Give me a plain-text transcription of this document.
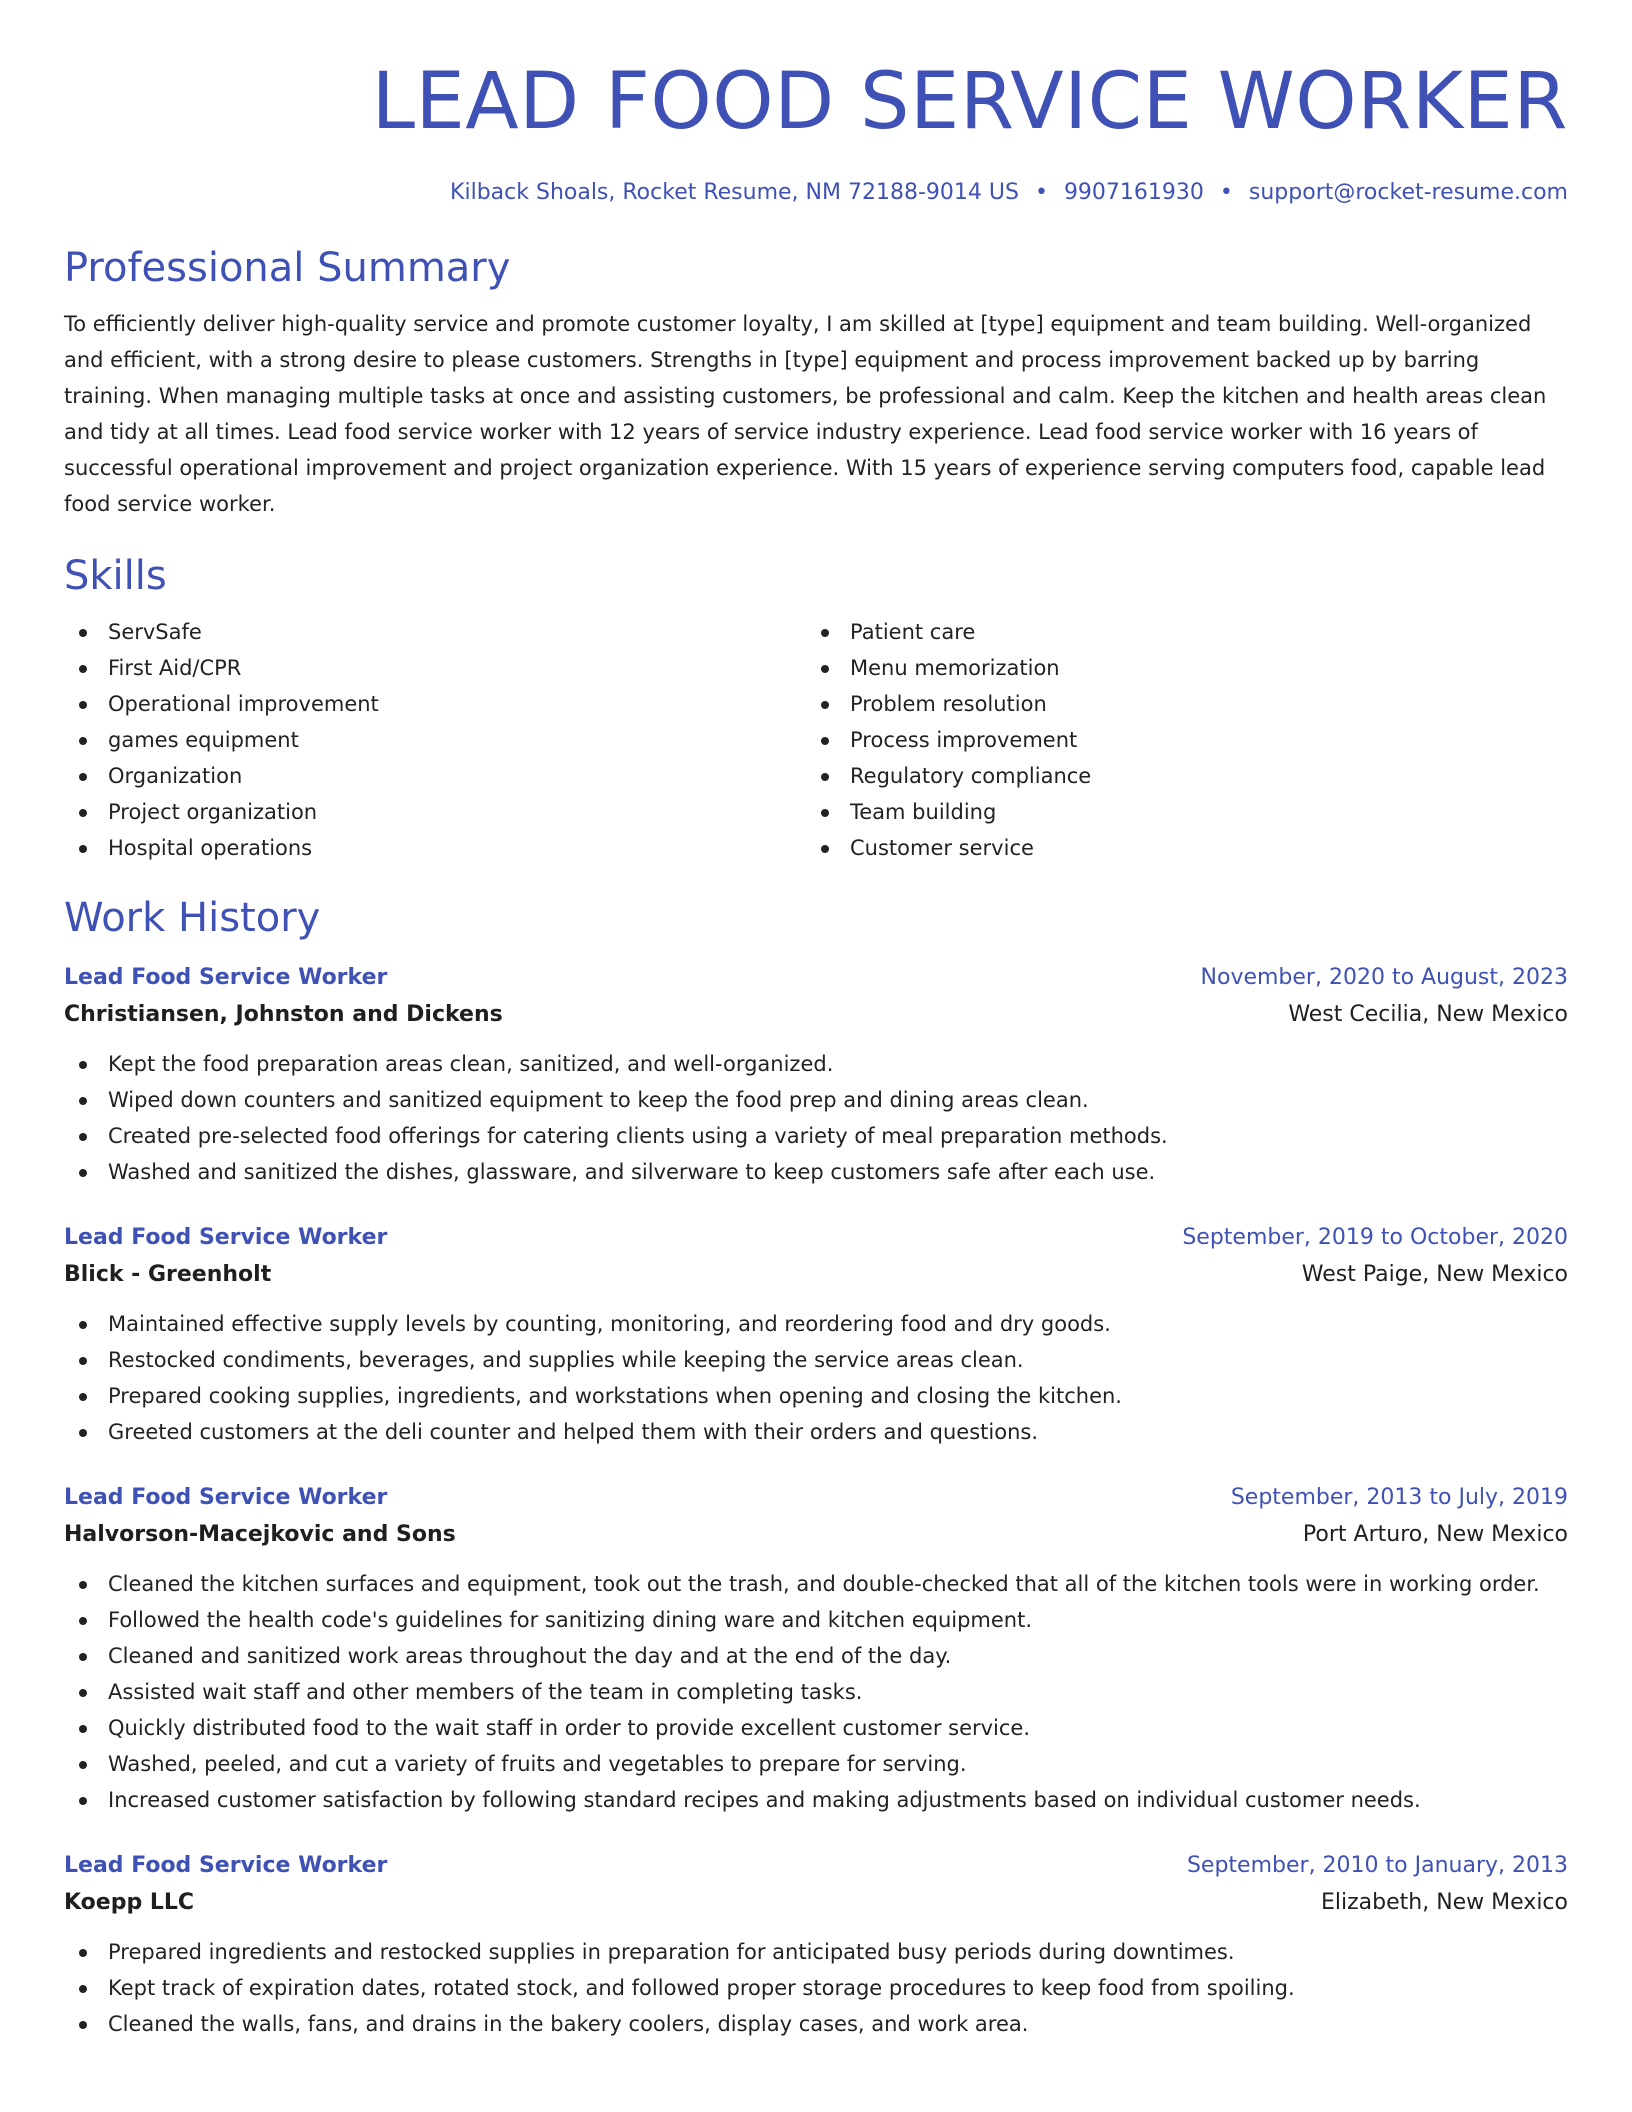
LEAD FOOD SERVICE WORKER
Kilback Shoals, Rocket Resume, NM 72188-9014 US • 9907161930 • support@rocket-resume.com
Professional Summary
To efficiently deliver high-quality service and promote customer loyalty, I am skilled at [type] equipment and team building. Well-organized and efficient, with a strong desire to please customers. Strengths in [type] equipment and process improvement backed up by barring training. When managing multiple tasks at once and assisting customers, be professional and calm. Keep the kitchen and health areas clean and tidy at all times. Lead food service worker with 12 years of service industry experience. Lead food service worker with 16 years of successful operational improvement and project organization experience. With 15 years of experience serving computers food, capable lead food service worker.
Skills
ServSafe
First Aid/CPR
Operational improvement
games equipment
Organization
Project organization
Hospital operations
Patient care
Menu memorization
Problem resolution
Process improvement
Regulatory compliance
Team building
Customer service
Work History
Lead Food Service Worker	November, 2020 to August, 2023
Christiansen, Johnston and Dickens	West Cecilia, New Mexico
Kept the food preparation areas clean, sanitized, and well-organized.
Wiped down counters and sanitized equipment to keep the food prep and dining areas clean.
Created pre-selected food offerings for catering clients using a variety of meal preparation methods.
Washed and sanitized the dishes, glassware, and silverware to keep customers safe after each use.
Lead Food Service Worker	September, 2019 to October, 2020
Blick - Greenholt	West Paige, New Mexico
Maintained effective supply levels by counting, monitoring, and reordering food and dry goods.
Restocked condiments, beverages, and supplies while keeping the service areas clean.
Prepared cooking supplies, ingredients, and workstations when opening and closing the kitchen.
Greeted customers at the deli counter and helped them with their orders and questions.
Lead Food Service Worker	September, 2013 to July, 2019
Halvorson-Macejkovic and Sons	Port Arturo, New Mexico
Cleaned the kitchen surfaces and equipment, took out the trash, and double-checked that all of the kitchen tools were in working order.
Followed the health code's guidelines for sanitizing dining ware and kitchen equipment.
Cleaned and sanitized work areas throughout the day and at the end of the day.
Assisted wait staff and other members of the team in completing tasks.
Quickly distributed food to the wait staff in order to provide excellent customer service.
Washed, peeled, and cut a variety of fruits and vegetables to prepare for serving.
Increased customer satisfaction by following standard recipes and making adjustments based on individual customer needs.
Lead Food Service Worker	September, 2010 to January, 2013
Koepp LLC	Elizabeth, New Mexico
Prepared ingredients and restocked supplies in preparation for anticipated busy periods during downtimes.
Kept track of expiration dates, rotated stock, and followed proper storage procedures to keep food from spoiling.
Cleaned the walls, fans, and drains in the bakery coolers, display cases, and work area.
